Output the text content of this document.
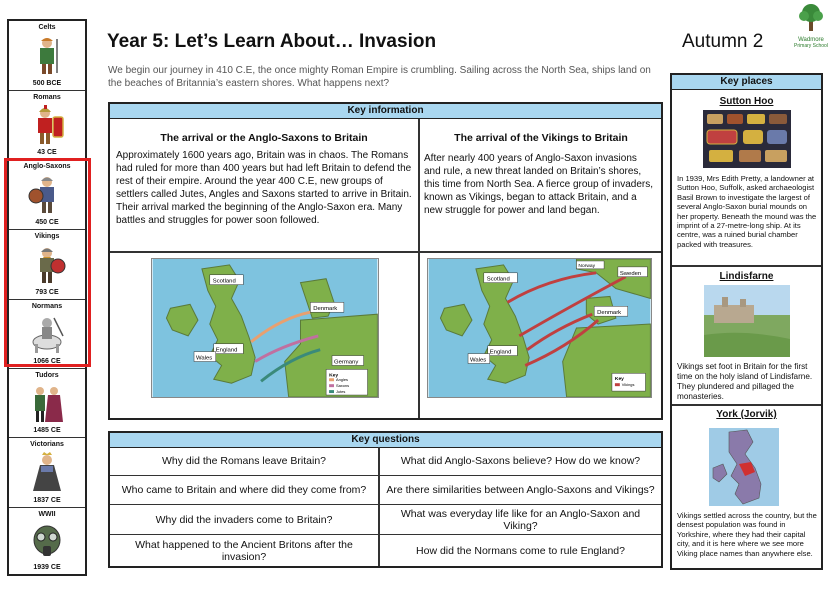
Celts
500 BCE
Romans
43 CE
Anglo-Saxons
450 CE
Vikings
793 CE
Normans
1066 CE
Tudors
1485 CE
Victorians
1837 CE
WWII
1939 CE
Year 5: Let’s Learn About… Invasion	Autumn 2	Wadmore
Primary School
We begin our journey in 410 C.E, the once mighty Roman Empire is crumbling. Sailing across the North Sea, ships land on the beaches of Britannia’s eastern shores. What happens next?
Key information
The arrival or the Anglo-Saxons to Britain
Approximately 1600 years ago, Britain was in chaos. The Romans had ruled for more than 400 years but had left Britain to defend the rest of their empire. Around the year 400 C.E, new groups of settlers called Jutes, Angles and Saxons started to arrive in Britain. Their arrival marked the beginning of the Anglo-Saxon era. Many battles and struggles for power soon followed.
The arrival of the Vikings to Britain
After nearly 400 years of Anglo-Saxon invasions and rule, a new threat landed on Britain’s shores, this time from North Sea. A fierce group of invaders, known as Vikings, began to attack Britain, and a new struggle for power and land began.
Scotland
Denmark
England
Wales
Germany
Key
Angles
Saxons
Jutes
Scotland
Norway
Sweden
Denmark
England
Wales
Key
Vikings
Key questions
Why did the Romans leave Britain?	What did Anglo-Saxons believe? How do we know?
Who came to Britain and where did they come from?	Are there similarities between Anglo-Saxons and Vikings?
Why did the invaders come to Britain?	What was everyday life like for an Anglo-Saxon and Viking?
What happened to the Ancient Britons after the invasion?	How did the Normans come to rule England?
Key places
Sutton Hoo
In 1939, Mrs Edith Pretty, a landowner at Sutton Hoo, Suffolk, asked archaeologist Basil Brown to investigate the largest of several Anglo-Saxon burial mounds on her property. Beneath the mound was the imprint of a 27-metre-long ship. At its centre, was a ruined burial chamber packed with treasures.
Lindisfarne
Vikings set foot in Britain for the first time on the holy island of Lindisfarne. They plundered and pillaged the monasteries.
York (Jorvik)
Vikings settled across the country, but the densest population was found in Yorkshire, where they had their capital city, and it is here where we see more Viking place names than anywhere else.
